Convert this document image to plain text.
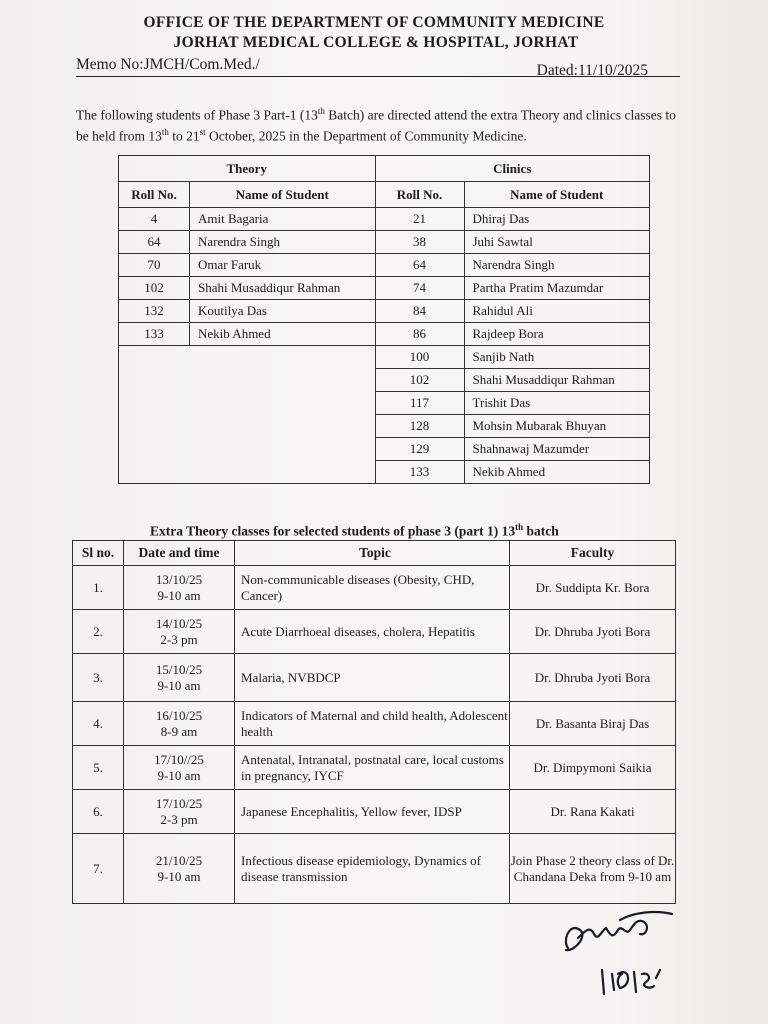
OFFICE OF THE DEPARTMENT OF COMMUNITY MEDICINE
JORHAT MEDICAL COLLEGE & HOSPITAL, JORHAT
Memo No:JMCH/Com.Med./	Dated:11/10/2025
The following students of Phase 3 Part-1 (13th Batch) are directed attend the extra Theory and clinics classes to be held from 13th to 21st October, 2025 in the Department of Community Medicine.
Theory		Clinics	
Roll No.	Name of Student	Roll No.	Name of Student
4	Amit Bagaria	21	Dhiraj Das
64	Narendra Singh	38	Juhi Sawtal
70	Omar Faruk	64	Narendra Singh
102	Shahi Musaddiqur Rahman	74	Partha Pratim Mazumdar
132	Koutilya Das	84	Rahidul Ali
133	Nekib Ahmed	86	Rajdeep Bora
		100	Sanjib Nath
		102	Shahi Musaddiqur Rahman
		117	Trishit Das
		128	Mohsin Mubarak Bhuyan
		129	Shahnawaj Mazumder
		133	Nekib Ahmed
Extra Theory classes for selected students of phase 3 (part 1) 13th batch
Sl no.	Date and time	Topic	Faculty
1.	13/10/25
9-10 am	Non-communicable diseases (Obesity, CHD, Cancer)	Dr. Suddipta Kr. Bora
2.	14/10/25
2-3 pm	Acute Diarrhoeal diseases, cholera, Hepatitis	Dr. Dhruba Jyoti Bora
3.	15/10/25
9-10 am	Malaria, NVBDCP	Dr. Dhruba Jyoti Bora
4.	16/10/25
8-9 am	Indicators of Maternal and child health, Adolescent health	Dr. Basanta Biraj Das
5.	17/10//25
9-10 am	Antenatal, Intranatal, postnatal care, local customs in pregnancy, IYCF	Dr. Dimpymoni Saikia
6.	17/10/25
2-3 pm	Japanese Encephalitis, Yellow fever, IDSP	Dr. Rana Kakati
7.	21/10/25
9-10 am	Infectious disease epidemiology, Dynamics of disease transmission	Join Phase 2 theory class of Dr. Chandana Deka from 9-10 am
